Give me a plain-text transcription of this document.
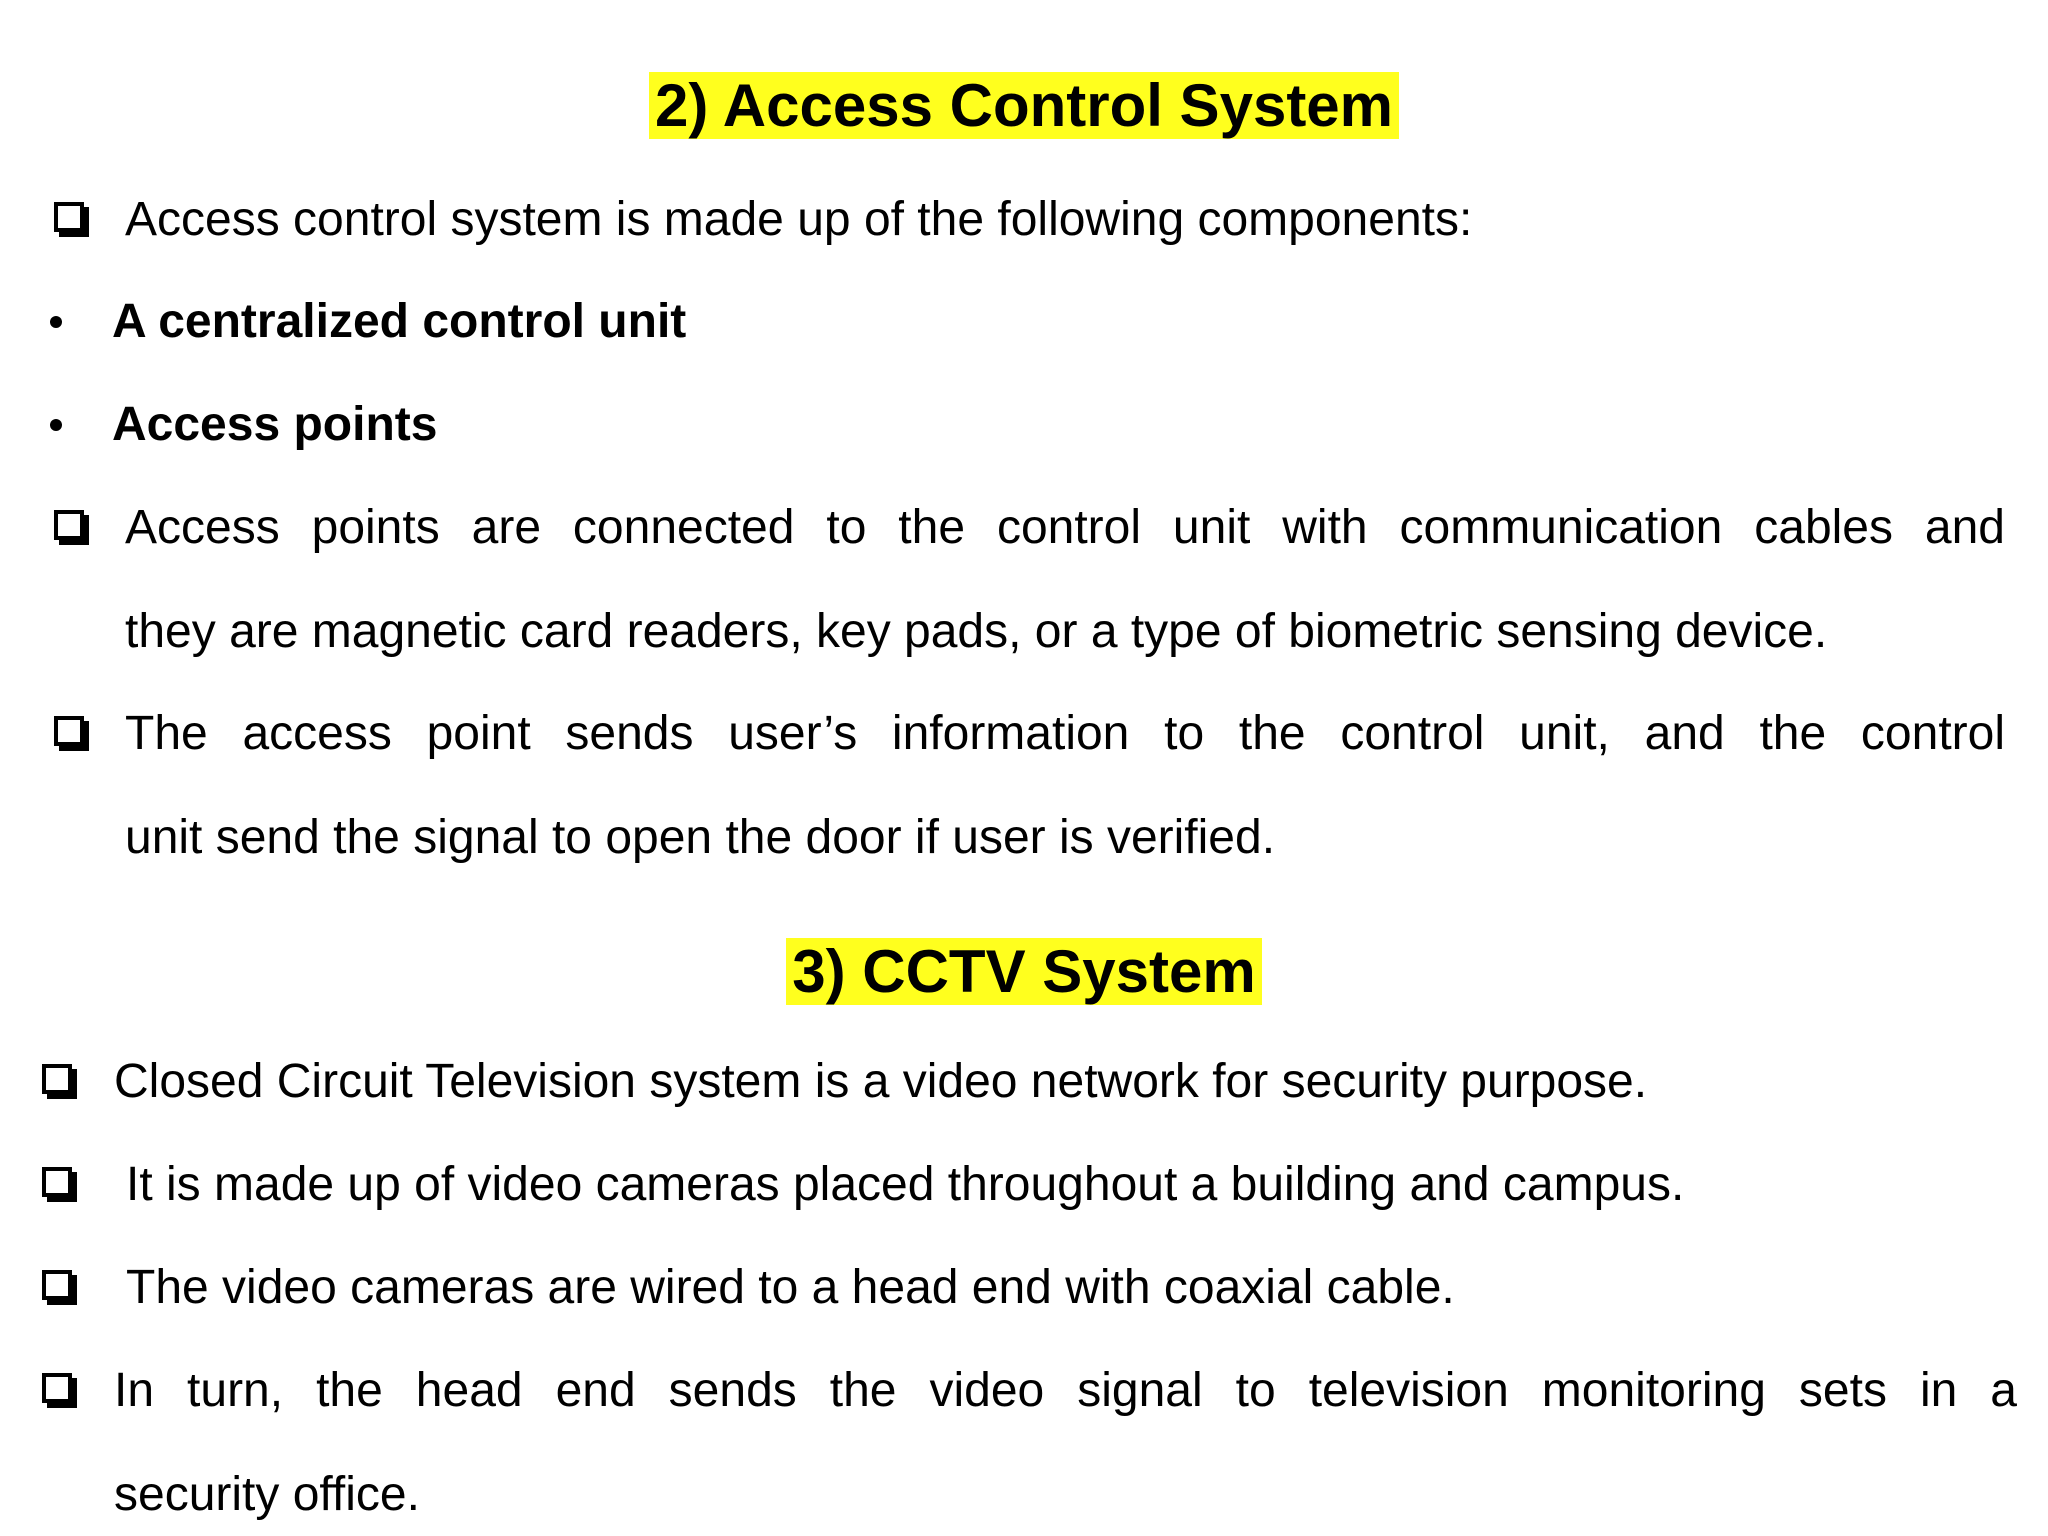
2) Access Control System
Access control system is made up of the following components:
A centralized control unit
Access points
Access points are connected to the control unit with communication cables and
they are magnetic card readers, key pads, or a type of biometric sensing device.
The access point sends user’s information to the control unit, and the control
unit send the signal to open the door if user is verified.
3) CCTV System
Closed Circuit Television system is a video network for security purpose.
It is made up of video cameras placed throughout a building and campus.
The video cameras are wired to a head end with coaxial cable.
In turn, the head end sends the video signal to television monitoring sets in a
security office.
